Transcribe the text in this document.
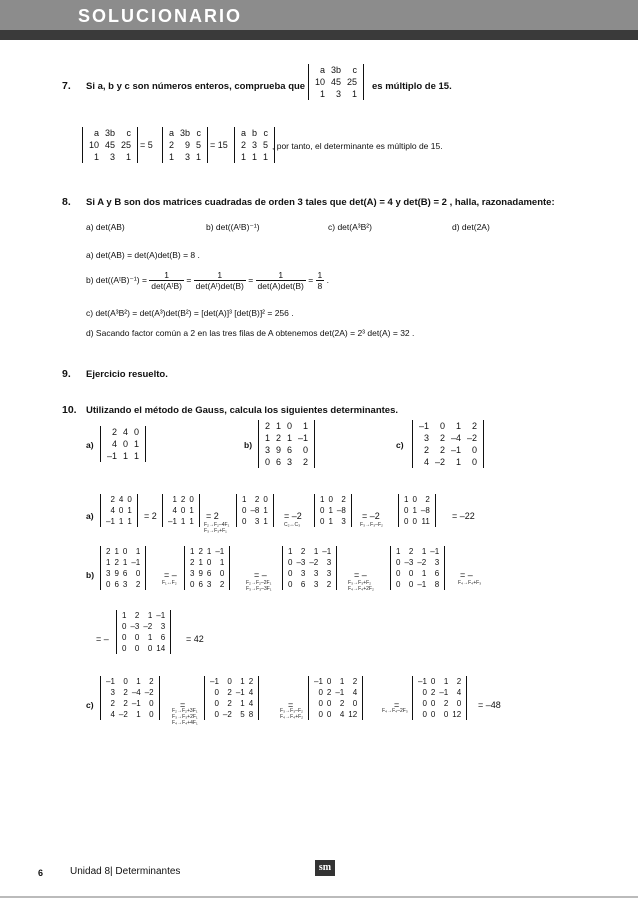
SOLUCIONARIO
7. Si a, b y c son números enteros, comprueba que
a	3b	c
10	45	25
1	3	1
es múltiplo de 15.
a	3b	c
10	45	25
1	3	1
= 5
a	3b	c
2	9	5
1	3	1
= 15
a	b	c
2	3	5
1	1	1
, por tanto, el determinante es múltiplo de 15.
8. Si A y B son dos matrices cuadradas de orden 3 tales que det(A) = 4 y det(B) = 2 , halla, razonadamente:
a) det(AB)	b) det((AᵗB)⁻¹)	c) det(A³B²)	d) det(2A)
a) det(AB) = det(A)det(B) = 8 .
b) det((AᵗB)⁻¹) = $\frac{1}{\text{det(AᵗB)}} = \frac{1}{\text{det(Aᵗ)det(B)}} = \frac{1}{\det(A)\det(B)} = \frac{1}{8}$ .
c) det(A³B²) = det(A³)det(B²) = [det(A)]³ [det(B)]² = 256 .
d) Sacando factor común a 2 en las tres filas de A obtenemos det(2A) = 2³ det(A) = 32 .
9. Ejercicio resuelto.
10. Utilizando el método de Gauss, calcula los siguientes determinantes.
a)
2	4	0
4	0	1
–1	1	1
b)
2	1	0	1
1	2	1	–1
3	9	6	0
0	6	3	2
c)
–1	0	1	2
3	2	–4	–2
2	2	–1	0
4	–2	1	0
a)
2	4	0
4	0	1
–1	1	1
= 2
1	2	0
4	0	1
–1	1	1
= 2
F₂→F₂–4F₁
F₃→F₃+F₁
1	2	0
0	–8	1
0	3	1
= –2
C₂↔C₃
1	0	2
0	1	–8
0	1	3
= –2
F₃→F₃–F₂
1	0	2
0	1	–8
0	0	11
= –22
b)
2	1	0	1
1	2	1	–1
3	9	6	0
0	6	3	2
= –
F₁↔F₂
1	2	1	–1
2	1	0	1
3	9	6	0
0	6	3	2
= –
F₂→F₂–2F₁
F₃→F₃–3F₁
1	2	1	–1
0	–3	–2	3
0	3	3	3
0	6	3	2
= –
F₃→F₃+F₂
F₄→F₄+2F₂
1	2	1	–1
0	–3	–2	3
0	0	1	6
0	0	–1	8
= –
F₄→F₄+F₃
= –
1	2	1	–1
0	–3	–2	3
0	0	1	6
0	0	0	14
= 42
c)
–1	0	1	2
3	2	–4	–2
2	2	–1	0
4	–2	1	0
=
F₂→F₂+3F₁
F₃→F₃+2F₁
F₄→F₄+4F₁
–1	0	1	2
0	2	–1	4
0	2	1	4
0	–2	5	8
=
F₃→F₃–F₂
F₄→F₄+F₂
–1	0	1	2
0	2	–1	4
0	0	2	0
0	0	4	12
=
F₄→F₄–2F₃
–1	0	1	2
0	2	–1	4
0	0	2	0
0	0	0	12
= –48
6	Unidad 8| Determinantes	sm
